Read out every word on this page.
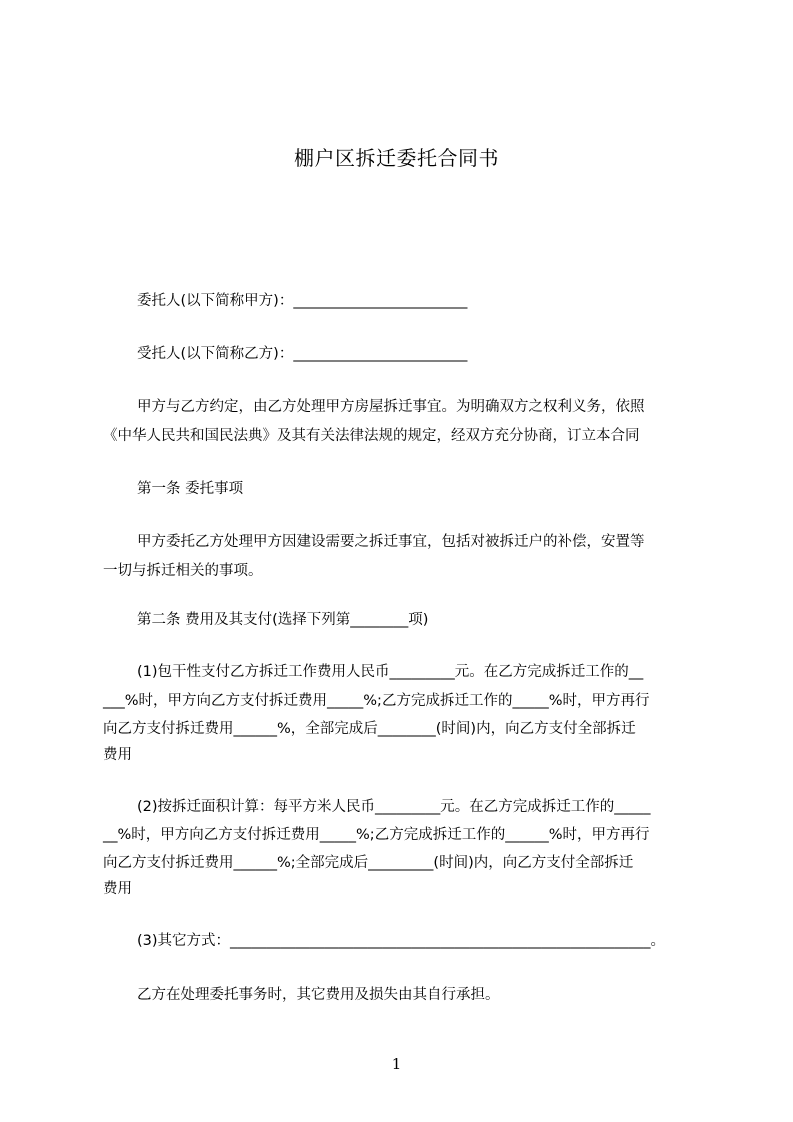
棚户区拆迁委托合同书
委托人(以下简称甲方)：________________________
受托人(以下简称乙方)：________________________
甲方与乙方约定，由乙方处理甲方房屋拆迁事宜。为明确双方之权利义务，依照
《中华人民共和国民法典》及其有关法律法规的规定，经双方充分协商，订立本合同
第一条 委托事项
甲方委托乙方处理甲方因建设需要之拆迁事宜，包括对被拆迁户的补偿，安置等
一切与拆迁相关的事项。
第二条 费用及其支付(选择下列第________项)
(1)包干性支付乙方拆迁工作费用人民币_________元。在乙方完成拆迁工作的__
___%时，甲方向乙方支付拆迁费用_____%;乙方完成拆迁工作的_____%时，甲方再行
向乙方支付拆迁费用______%，全部完成后________(时间)内，向乙方支付全部拆迁
费用
(2)按拆迁面积计算：每平方米人民币_________元。在乙方完成拆迁工作的_____
__%时，甲方向乙方支付拆迁费用_____%;乙方完成拆迁工作的______%时，甲方再行
向乙方支付拆迁费用______%;全部完成后_________(时间)内，向乙方支付全部拆迁
费用
(3)其它方式：__________________________________________________________。
乙方在处理委托事务时，其它费用及损失由其自行承担。
1
